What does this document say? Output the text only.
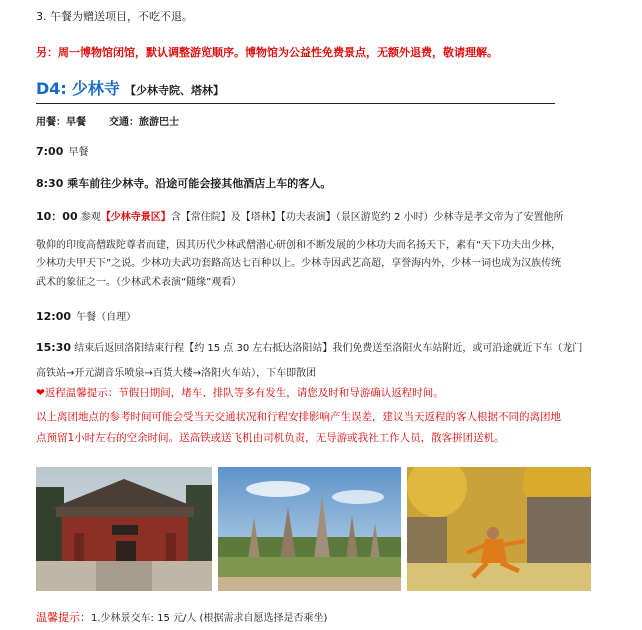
3. 午餐为赠送项目，不吃不退。
另：周一博物馆闭馆，默认调整游览顺序。博物馆为公益性免费景点，无额外退费，敬请理解。
D4: 少林寺 【少林寺院、塔林】
用餐：早餐 交通：旅游巴士
7:00 早餐
8:30 乘车前往少林寺。沿途可能会接其他酒店上车的客人。
10：00 参观【少林寺景区】含【常住院】及【塔林】【功夫表演】（景区游览约 2 小时）少林寺是孝文帝为了安置他所
敬仰的印度高僧跋陀尊者而建，因其历代少林武僧潜心研创和不断发展的少林功夫而名扬天下，素有“天下功夫出少林，
少林功夫甲天下”之说。少林功夫武功套路高达七百种以上。少林寺因武艺高超，享誉海内外，少林一词也成为汉族传统
武术的象征之一。（少林武术表演“随缘”观看）
12:00 午餐（自理）
15:30 结束后返回洛阳结束行程【约 15 点 30 左右抵达洛阳站】我们免费送至洛阳火车站附近，或可沿途就近下车（龙门
高铁站→开元湖音乐喷泉→百货大楼→洛阳火车站），下车即散团
❤返程温馨提示：节假日期间，堵车、排队等多有发生，请您及时和导游确认返程时间。
以上离团地点的参考时间可能会受当天交通状况和行程安排影响产生误差，建议当天返程的客人根据不同的离团地
点预留1小时左右的空余时间。送高铁或送飞机由司机负责，无导游或我社工作人员，散客拼团送机。
温馨提示：1.少林景交车: 15 元/人 (根据需求自愿选择是否乘坐)
